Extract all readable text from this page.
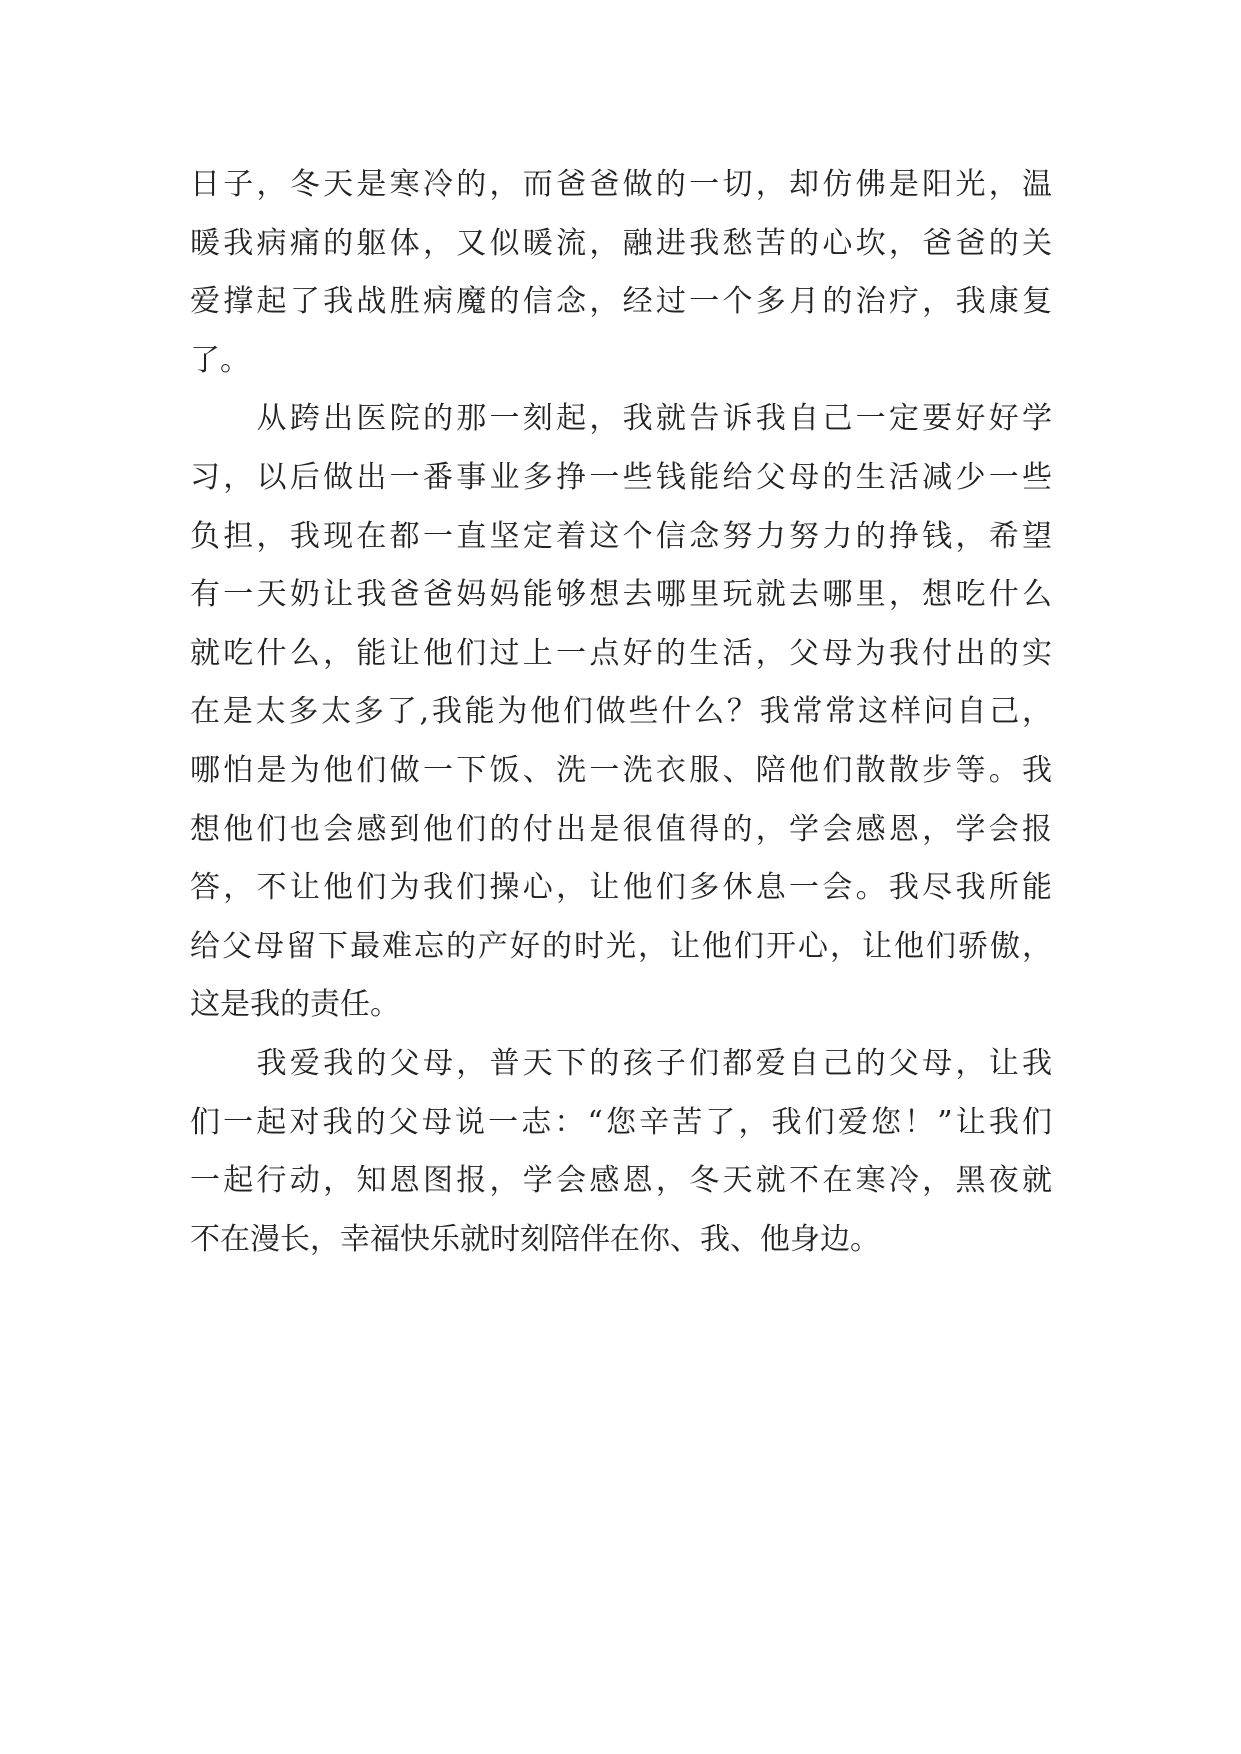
日子，冬天是寒冷的，而爸爸做的一切，却仿佛是阳光，温
暖我病痛的躯体，又似暖流，融进我愁苦的心坎，爸爸的关
爱撑起了我战胜病魔的信念，经过一个多月的治疗，我康复
了。
　　从跨出医院的那一刻起，我就告诉我自己一定要好好学
习，以后做出一番事业多挣一些钱能给父母的生活减少一些
负担，我现在都一直坚定着这个信念努力努力的挣钱，希望
有一天奶让我爸爸妈妈能够想去哪里玩就去哪里，想吃什么
就吃什么，能让他们过上一点好的生活，父母为我付出的实
在是太多太多了,我能为他们做些什么？我常常这样问自己，
哪怕是为他们做一下饭、洗一洗衣服、陪他们散散步等。我
想他们也会感到他们的付出是很值得的，学会感恩，学会报
答，不让他们为我们操心，让他们多休息一会。我尽我所能
给父母留下最难忘的产好的时光，让他们开心，让他们骄傲，
这是我的责任。
　　我爱我的父母，普天下的孩子们都爱自己的父母，让我
们一起对我的父母说一志：“您辛苦了，我们爱您！”让我们
一起行动，知恩图报，学会感恩，冬天就不在寒冷，黑夜就
不在漫长，幸福快乐就时刻陪伴在你、我、他身边。
